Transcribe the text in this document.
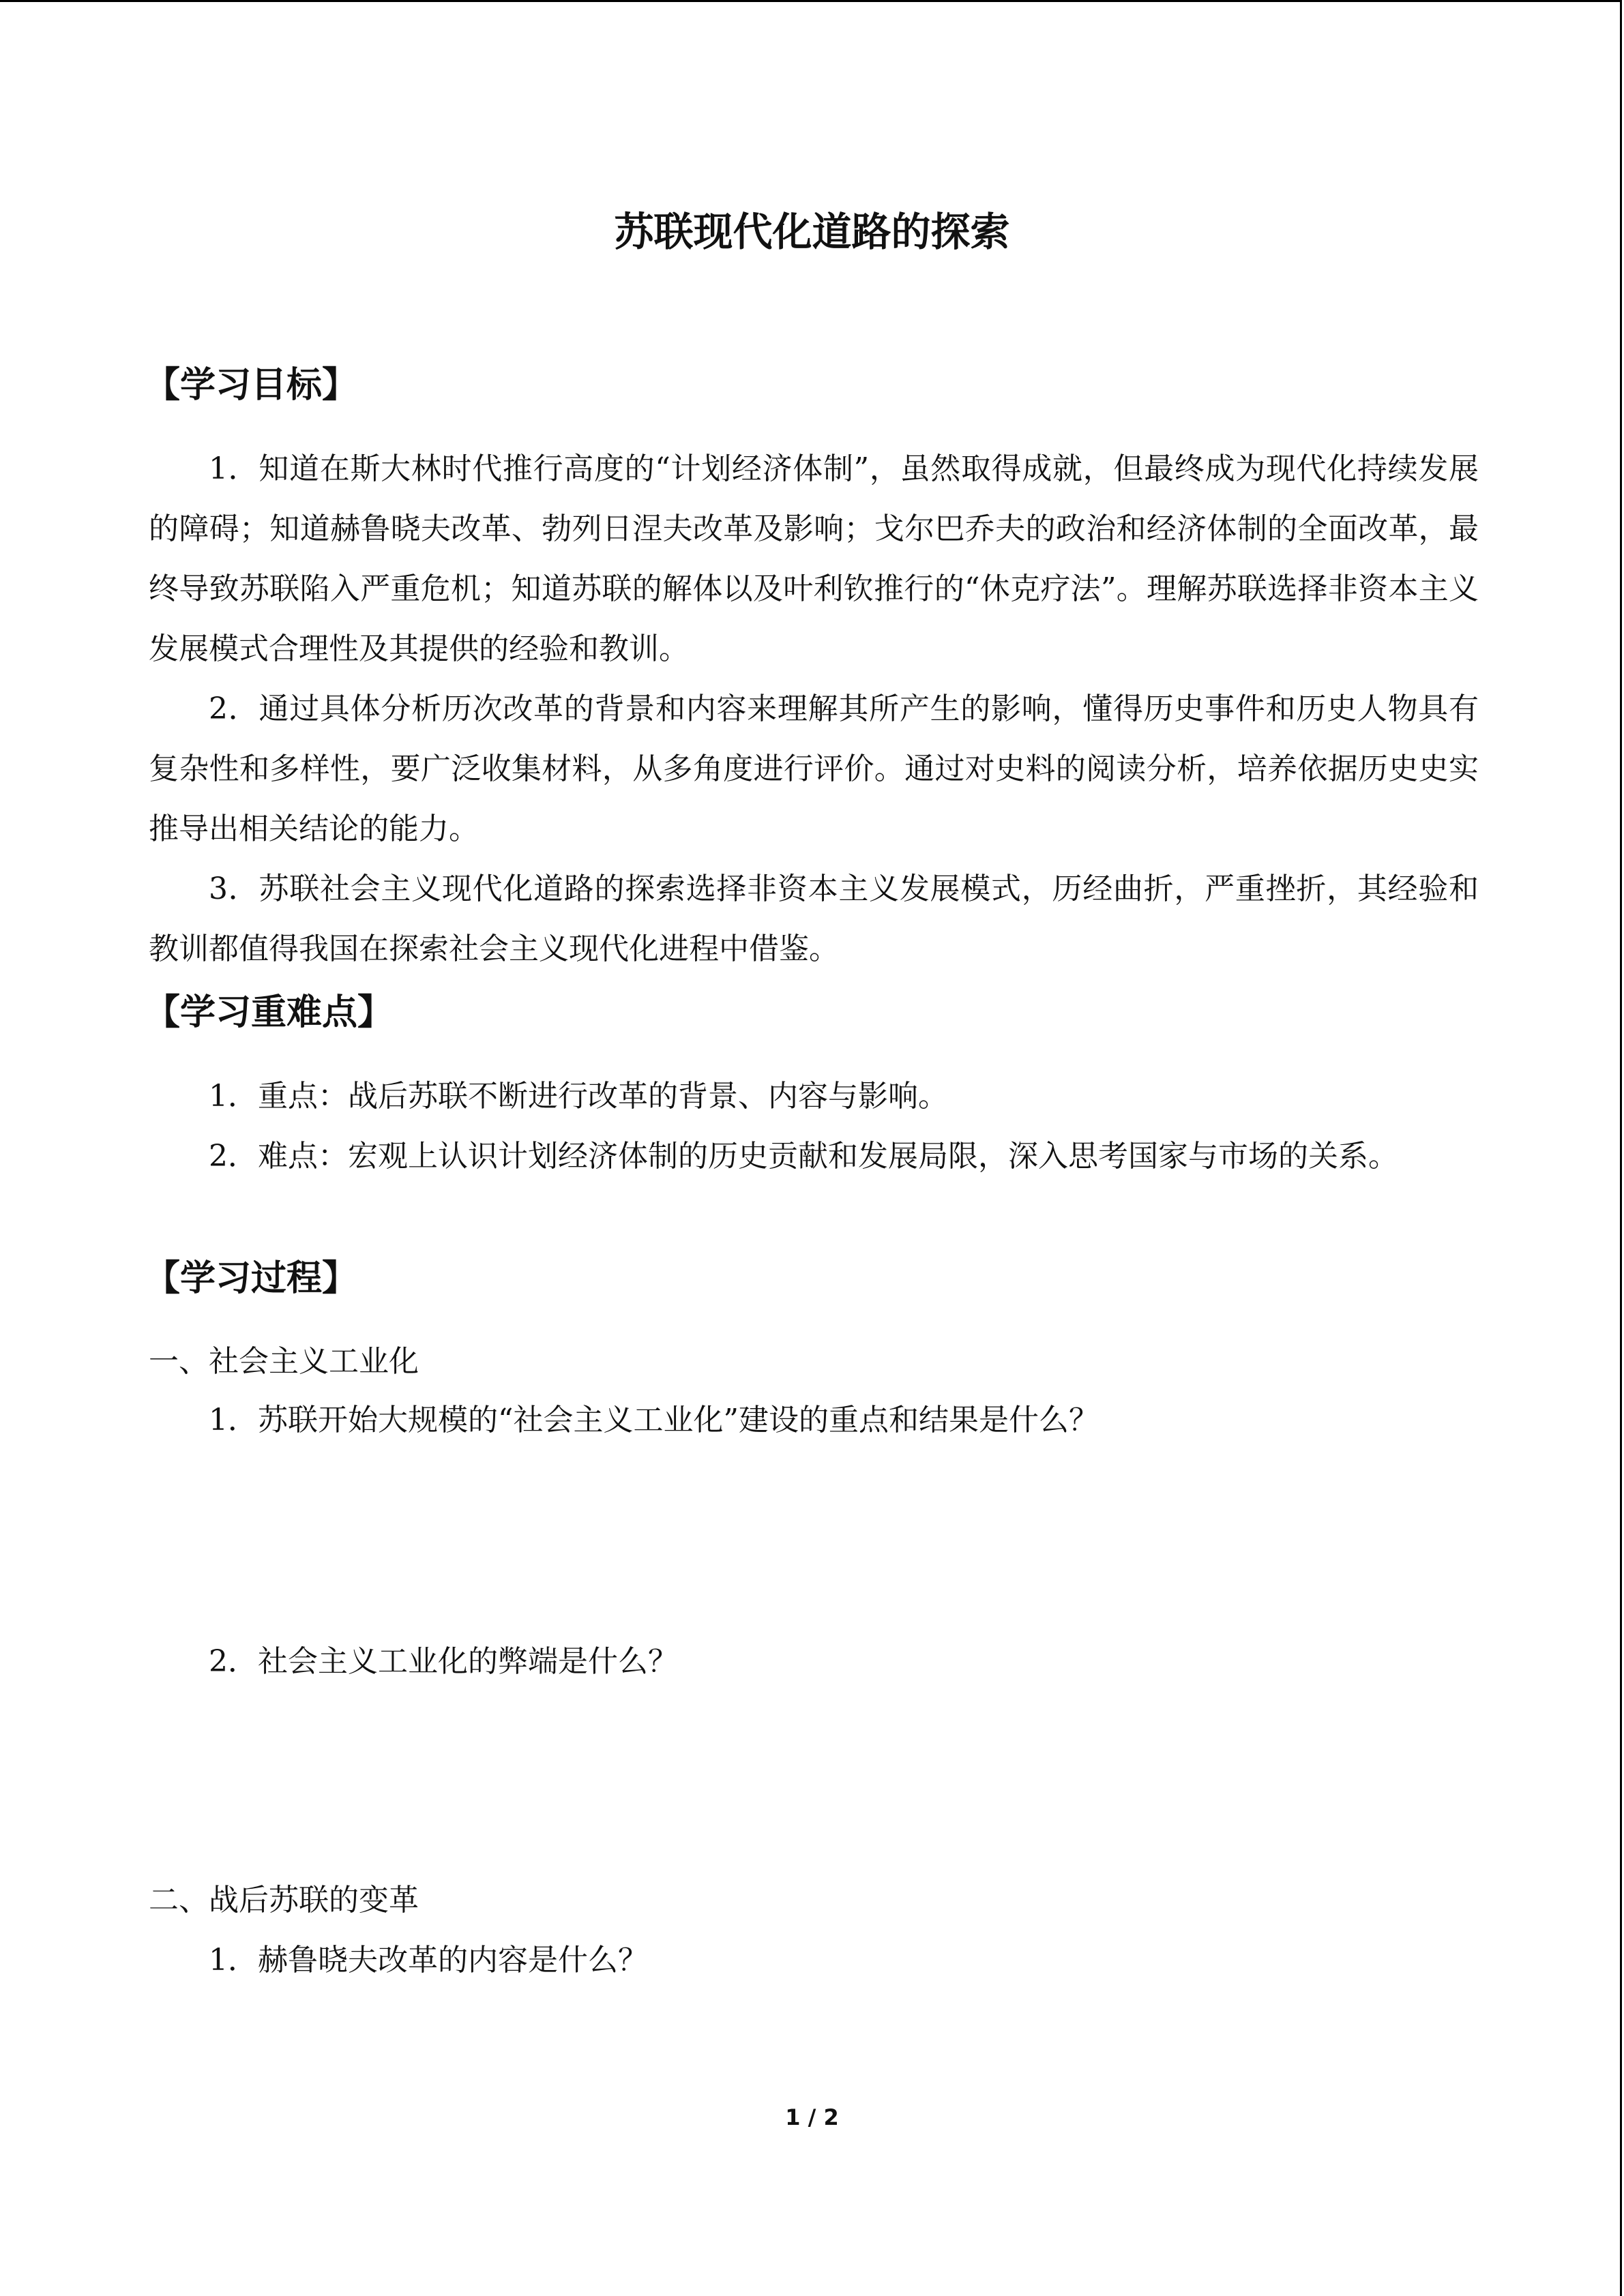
苏联现代化道路的探索
【学习目标】
1．知道在斯大林时代推行高度的“计划经济体制”，虽然取得成就，但最终成为现代化持续发展的障碍；知道赫鲁晓夫改革、勃列日涅夫改革及影响；戈尔巴乔夫的政治和经济体制的全面改革，最终导致苏联陷入严重危机；知道苏联的解体以及叶利钦推行的“休克疗法”。理解苏联选择非资本主义发展模式合理性及其提供的经验和教训。
2．通过具体分析历次改革的背景和内容来理解其所产生的影响，懂得历史事件和历史人物具有复杂性和多样性，要广泛收集材料，从多角度进行评价。通过对史料的阅读分析，培养依据历史史实推导出相关结论的能力。
3．苏联社会主义现代化道路的探索选择非资本主义发展模式，历经曲折，严重挫折，其经验和教训都值得我国在探索社会主义现代化进程中借鉴。
【学习重难点】
1．重点：战后苏联不断进行改革的背景、内容与影响。
2．难点：宏观上认识计划经济体制的历史贡献和发展局限，深入思考国家与市场的关系。
【学习过程】
一、社会主义工业化
1．苏联开始大规模的“社会主义工业化”建设的重点和结果是什么？
2．社会主义工业化的弊端是什么？
二、战后苏联的变革
1．赫鲁晓夫改革的内容是什么？
1 / 2
